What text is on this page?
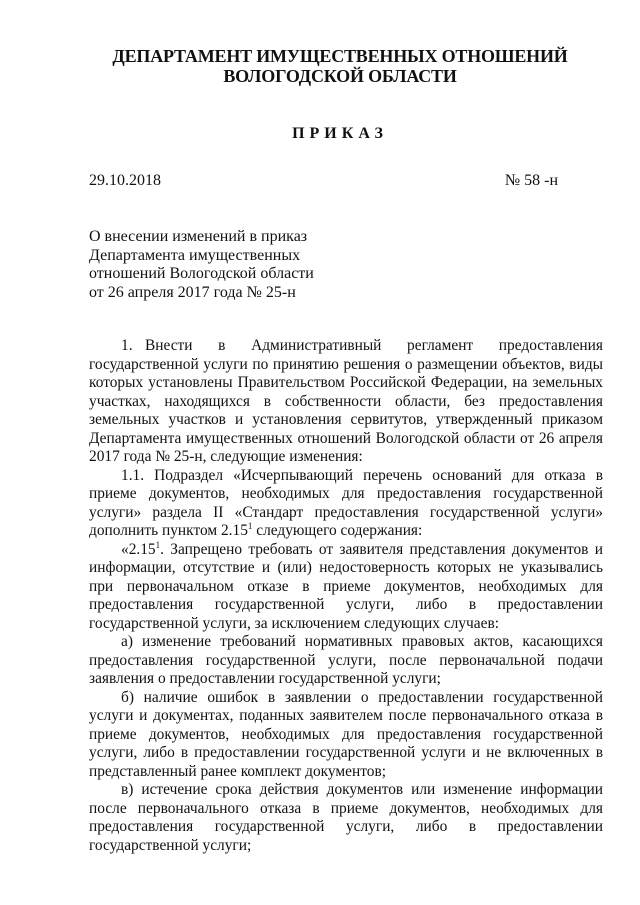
ДЕПАРТАМЕНТ ИМУЩЕСТВЕННЫХ ОТНОШЕНИЙ
ВОЛОГОДСКОЙ ОБЛАСТИ
ПРИКАЗ
29.10.2018	№ 58 -н
О внесении изменений в приказ
Департамента имущественных
отношений Вологодской области
от 26 апреля 2017 года № 25-н

1. Внести в Административный регламент предоставления государственной услуги по принятию решения о размещении объектов, виды которых установлены Правительством Российской Федерации, на земельных участках, находящихся в собственности области, без предоставления земельных участков и установления сервитутов, утвержденный приказом Департамента имущественных отношений Вологодской области от 26 апреля 2017 года № 25-н, следующие изменения:

1.1. Подраздел «Исчерпывающий перечень оснований для отказа в приеме документов, необходимых для предоставления государственной услуги» раздела II «Стандарт предоставления государственной услуги» дополнить пунктом 2.15$^1$ следующего содержания:

«2.15$^1$. Запрещено требовать от заявителя представления документов и информации, отсутствие и (или) недостоверность которых не указывались при первоначальном отказе в приеме документов, необходимых для предоставления государственной услуги, либо в предоставлении государственной услуги, за исключением следующих случаев:

а) изменение требований нормативных правовых актов, касающихся предоставления государственной услуги, после первоначальной подачи заявления о предоставлении государственной услуги;

б) наличие ошибок в заявлении о предоставлении государственной услуги и документах, поданных заявителем после первоначального отказа в приеме документов, необходимых для предоставления государственной услуги, либо в предоставлении государственной услуги и не включенных в представленный ранее комплект документов;

в) истечение срока действия документов или изменение информации после первоначального отказа в приеме документов, необходимых для предоставления государственной услуги, либо в предоставлении государственной услуги;
